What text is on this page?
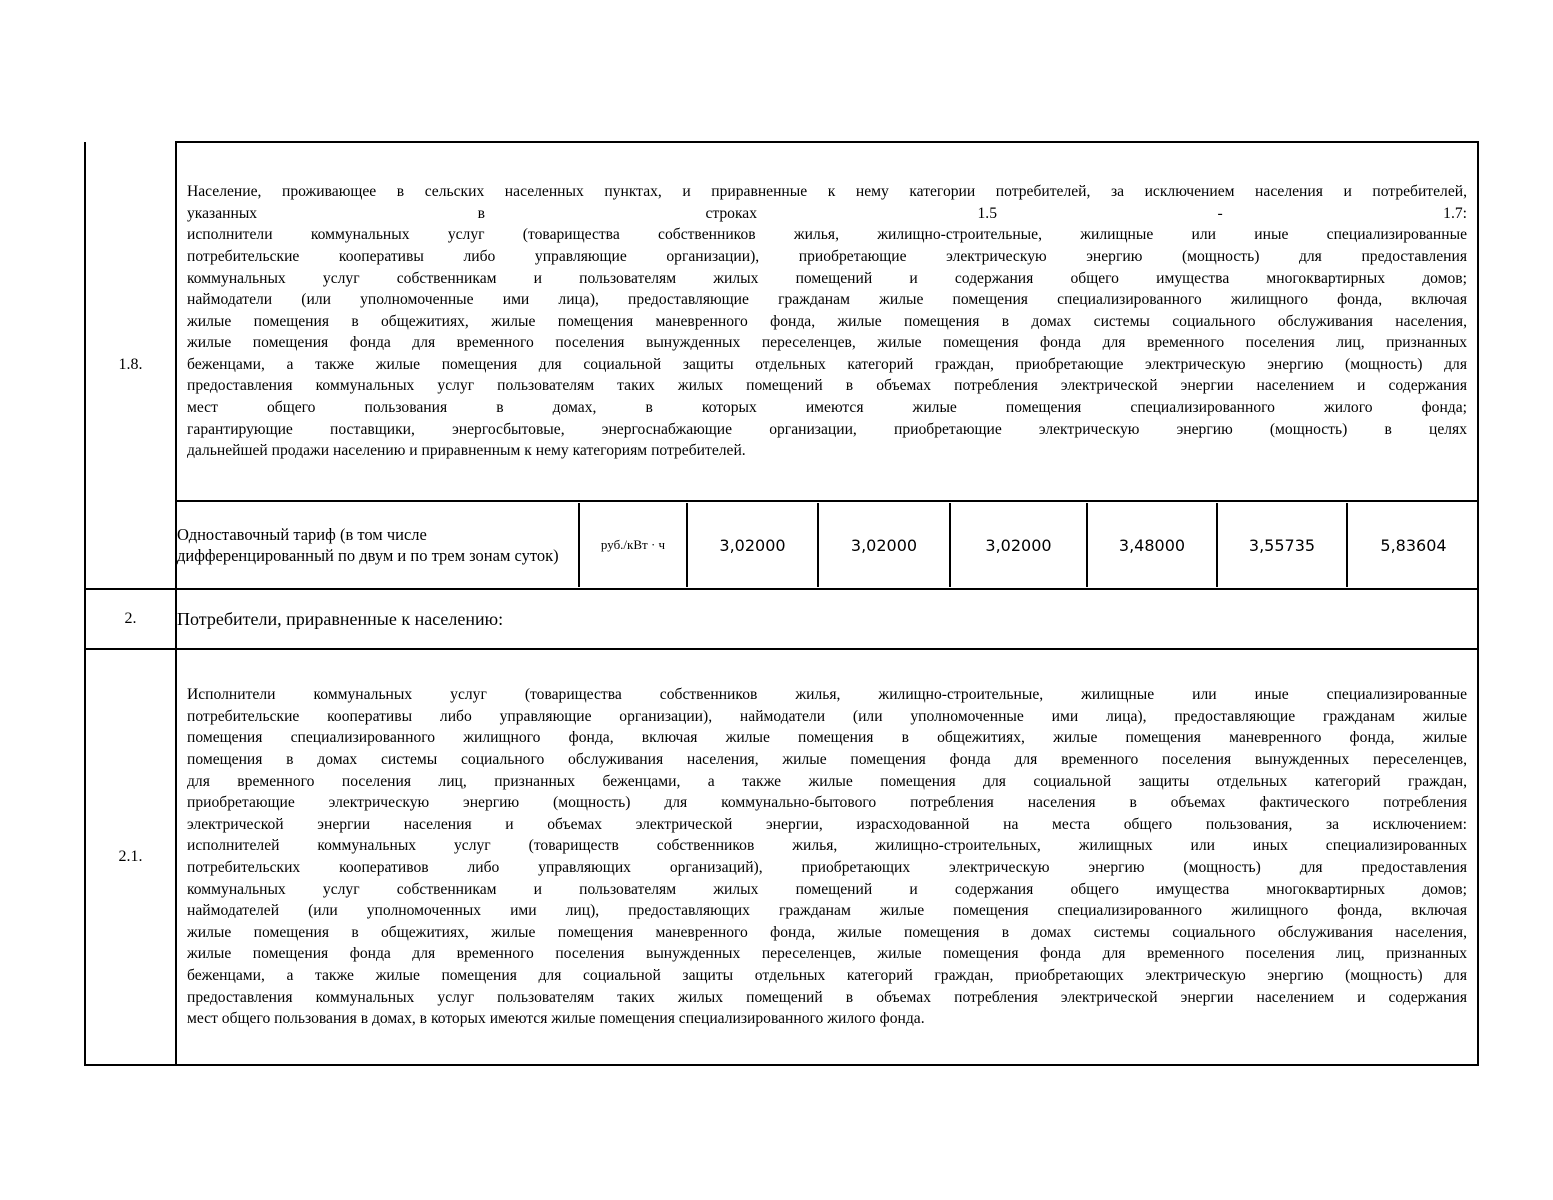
1.8.	
Население, проживающее в сельских населенных пунктах, и приравненные к нему категории потребителей, за исключением населения и потребителей,
указанных в строках 1.5 - 1.7:
исполнители коммунальных услуг (товарищества собственников жилья, жилищно-строительные, жилищные или иные специализированные
потребительские кооперативы либо управляющие организации), приобретающие электрическую энергию (мощность) для предоставления
коммунальных услуг собственникам и пользователям жилых помещений и содержания общего имущества многоквартирных домов;
наймодатели (или уполномоченные ими лица), предоставляющие гражданам жилые помещения специализированного жилищного фонда, включая
жилые помещения в общежитиях, жилые помещения маневренного фонда, жилые помещения в домах системы социального обслуживания населения,
жилые помещения фонда для временного поселения вынужденных переселенцев, жилые помещения фонда для временного поселения лиц, признанных
беженцами, а также жилые помещения для социальной защиты отдельных категорий граждан, приобретающие электрическую энергию (мощность) для
предоставления коммунальных услуг пользователям таких жилых помещений в объемах потребления электрической энергии населением и содержания
мест общего пользования в домах, в которых имеются жилые помещения специализированного жилого фонда;
гарантирующие поставщики, энергосбытовые, энергоснабжающие организации, приобретающие электрическую энергию (мощность) в целях
дальнейшей продажи населению и приравненным к нему категориям потребителей.

Одноставочный тариф (в том числе дифференцированный по двум и по трем зонам суток)	руб./кВт · ч	3,02000	3,02000	3,02000	3,48000	3,55735	5,83604

2.	Потребители, приравненные к населению:
2.1.	
Исполнители коммунальных услуг (товарищества собственников жилья, жилищно-строительные, жилищные или иные специализированные
потребительские кооперативы либо управляющие организации), наймодатели (или уполномоченные ими лица), предоставляющие гражданам жилые
помещения специализированного жилищного фонда, включая жилые помещения в общежитиях, жилые помещения маневренного фонда, жилые
помещения в домах системы социального обслуживания населения, жилые помещения фонда для временного поселения вынужденных переселенцев,
для временного поселения лиц, признанных беженцами, а также жилые помещения для социальной защиты отдельных категорий граждан,
приобретающие электрическую энергию (мощность) для коммунально-бытового потребления населения в объемах фактического потребления
электрической энергии населения и объемах электрической энергии, израсходованной на места общего пользования, за исключением:
исполнителей коммунальных услуг (товариществ собственников жилья, жилищно-строительных, жилищных или иных специализированных
потребительских кооперативов либо управляющих организаций), приобретающих электрическую энергию (мощность) для предоставления
коммунальных услуг собственникам и пользователям жилых помещений и содержания общего имущества многоквартирных домов;
наймодателей (или уполномоченных ими лиц), предоставляющих гражданам жилые помещения специализированного жилищного фонда, включая
жилые помещения в общежитиях, жилые помещения маневренного фонда, жилые помещения в домах системы социального обслуживания населения,
жилые помещения фонда для временного поселения вынужденных переселенцев, жилые помещения фонда для временного поселения лиц, признанных
беженцами, а также жилые помещения для социальной защиты отдельных категорий граждан, приобретающих электрическую энергию (мощность) для
предоставления коммунальных услуг пользователям таких жилых помещений в объемах потребления электрической энергии населением и содержания
мест общего пользования в домах, в которых имеются жилые помещения специализированного жилого фонда.
